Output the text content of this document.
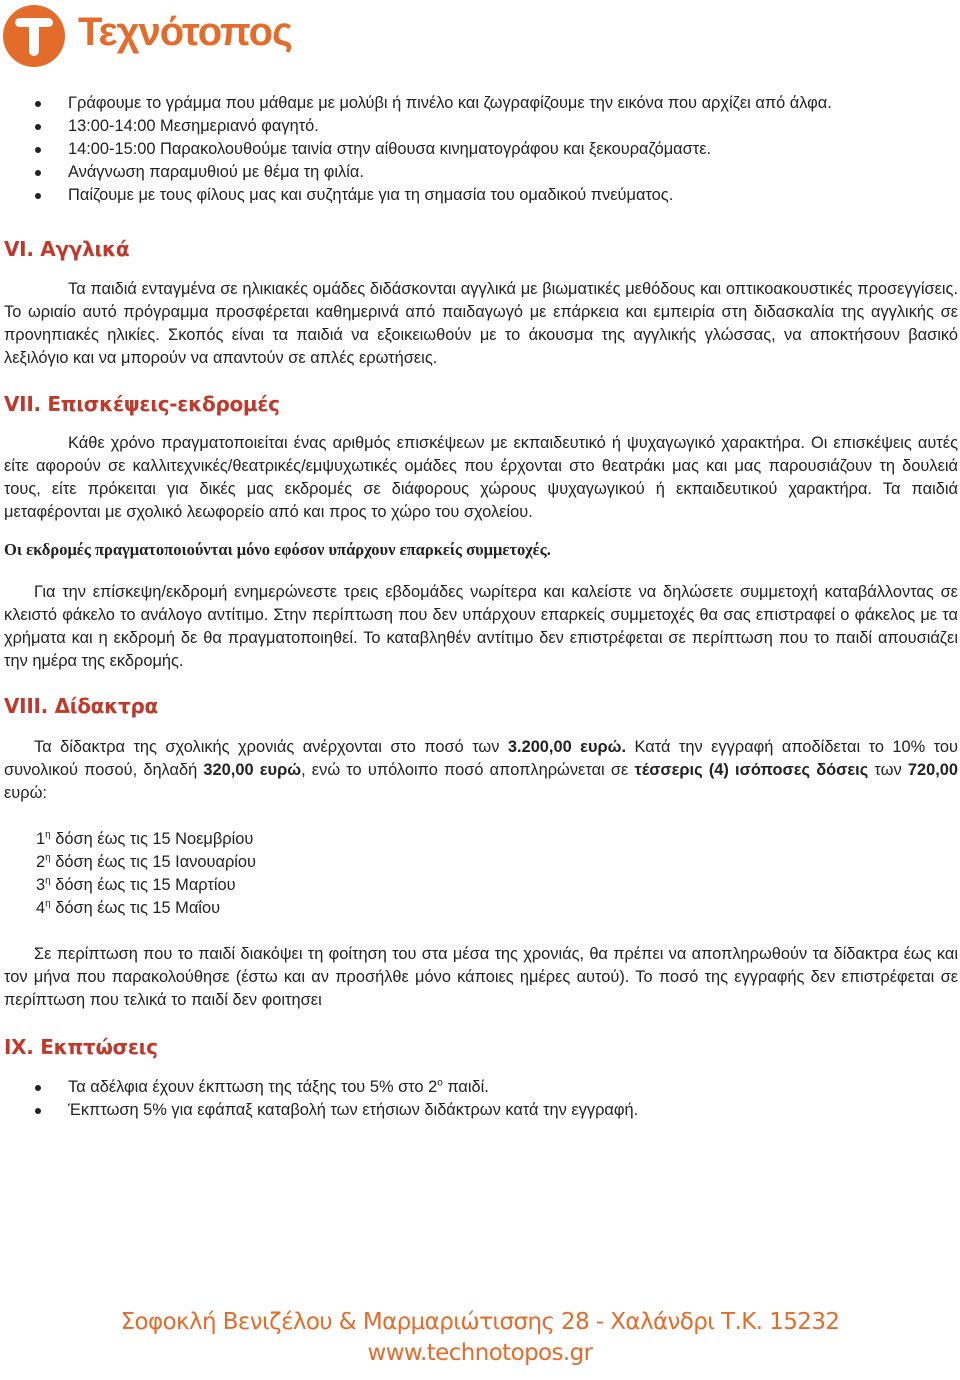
Τεχνότοπος
Γράφουμε το γράμμα που μάθαμε με μολύβι ή πινέλο και ζωγραφίζουμε την εικόνα που αρχίζει από άλφα.
13:00-14:00 Μεσημεριανό φαγητό.
14:00-15:00 Παρακολουθούμε ταινία στην αίθουσα κινηματογράφου και ξεκουραζόμαστε.
Ανάγνωση παραμυθιού με θέμα τη φιλία.
Παίζουμε με τους φίλους μας και συζητάμε για τη σημασία του ομαδικού πνεύματος.
VI. Αγγλικά

Τα παιδιά ενταγμένα σε ηλικιακές ομάδες διδάσκονται αγγλικά με βιωματικές μεθόδους και οπτικοακουστικές προσεγγίσεις. Το ωριαίο αυτό πρόγραμμα προσφέρεται καθημερινά από παιδαγωγό με επάρκεια και εμπειρία στη διδασκαλία της αγγλικής σε προνηπιακές ηλικίες. Σκοπός είναι τα παιδιά να εξοικειωθούν με το άκουσμα της αγγλικής γλώσσας, να αποκτήσουν βασικό λεξιλόγιο και να μπορούν να απαντούν σε απλές ερωτήσεις.

VII. Επισκέψεις-εκδρομές

Κάθε χρόνο πραγματοποιείται ένας αριθμός επισκέψεων με εκπαιδευτικό ή ψυχαγωγικό χαρακτήρα. Οι επισκέψεις αυτές είτε αφορούν σε καλλιτεχνικές/θεατρικές/εμψυχωτικές ομάδες που έρχονται στο θεατράκι μας και μας παρουσιάζουν τη δουλειά τους, είτε πρόκειται για δικές μας εκδρομές σε διάφορους χώρους ψυχαγωγικού ή εκπαιδευτικού χαρακτήρα. Τα παιδιά μεταφέρονται με σχολικό λεωφορείο από και προς το χώρο του σχολείου.

Οι εκδρομές πραγματοποιούνται μόνο εφόσον υπάρχουν επαρκείς συμμετοχές.

Για την επίσκεψη/εκδρομή ενημερώνεστε τρεις εβδομάδες νωρίτερα και καλείστε να δηλώσετε συμμετοχή καταβάλλοντας σε κλειστό φάκελο το ανάλογο αντίτιμο. Στην περίπτωση που δεν υπάρχουν επαρκείς συμμετοχές θα σας επιστραφεί ο φάκελος με τα χρήματα και η εκδρομή δε θα πραγματοποιηθεί. Το καταβληθέν αντίτιμο δεν επιστρέφεται σε περίπτωση που το παιδί απουσιάζει την ημέρα της εκδρομής.

VIII. Δίδακτρα

Τα δίδακτρα της σχολικής χρονιάς ανέρχονται στο ποσό των 3.200,00 ευρώ. Κατά την εγγραφή αποδίδεται το 10% του συνολικού ποσού, δηλαδή 320,00 ευρώ, ενώ το υπόλοιπο ποσό αποπληρώνεται σε τέσσερις (4) ισόποσες δόσεις των 720,00 ευρώ:

$1^\eta$ δόση έως τις 15 Νοεμβρίου
$2^\eta$ δόση έως τις 15 Ιανουαρίου
$3^\eta$ δόση έως τις 15 Μαρτίου
$4^\eta$ δόση έως τις 15 Μαΐου

Σε περίπτωση που το παιδί διακόψει τη φοίτηση του στα μέσα της χρονιάς, θα πρέπει να αποπληρωθούν τα δίδακτρα έως και τον μήνα που παρακολούθησε (έστω και αν προσήλθε μόνο κάποιες ημέρες αυτού). Το ποσό της εγγραφής δεν επιστρέφεται σε περίπτωση που τελικά το παιδί δεν φοιτησει

IX. Εκπτώσεις
Τα αδέλφια έχουν έκπτωση της τάξης του 5% στο $2^o$ παιδί.
Έκπτωση 5% για εφάπαξ καταβολή των ετήσιων διδάκτρων κατά την εγγραφή.
Σοφοκλή Βενιζέλου & Μαρμαριώτισσης 28 - Χαλάνδρι Τ.Κ. 15232
www.technotopos.gr
